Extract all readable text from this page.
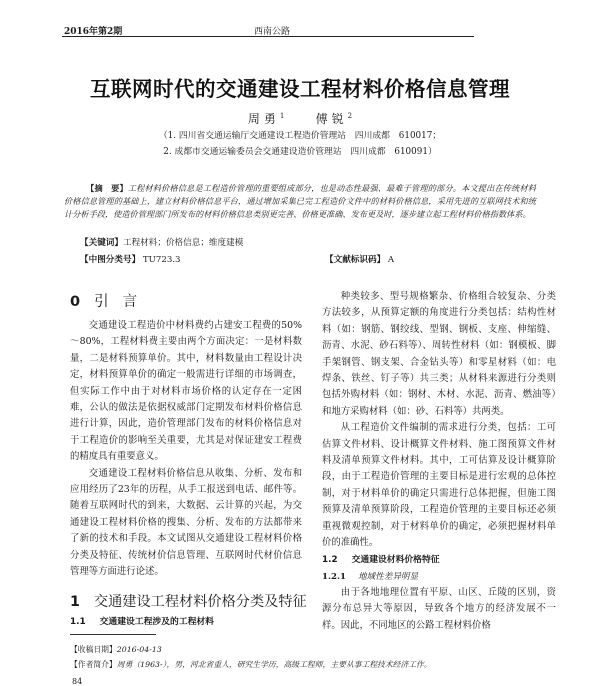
2016年第2期	西南公路
互联网时代的交通建设工程材料价格信息管理
周勇$^1$	傅锐$^2$
（1. 四川省交通运输厅交通建设工程造价管理站　四川成都　610017；
2. 成都市交通运输委员会交通建设造价管理站　四川成都　610091）
【摘　要】工程材料价格信息是工程造价管理的重要组成部分，也是动态性最强、最难于管理的部分。本文提出在传统材料价格信息管理的基础上，建立材料价格信息平台，通过增加采集已完工程造价文件中的材料价格信息，采用先进的互联网技术和统计分析手段，使造价管理部门所发布的材料价格信息类别更完善、价格更准确、发布更及时，逐步建立起工程材料价格指数体系。
【关键词】工程材料；价格信息；维度建模
【中图分类号】 TU723.3	【文献标识码】 A
0 引言

交通建设工程造价中材料费约占建安工程费的50%～80%，工程材料费主要由两个方面决定：一是材料数量，二是材料预算单价。其中，材料数量由工程设计决定，材料预算单价的确定一般需进行详细的市场调查，但实际工作中由于对材料市场价格的认定存在一定困难，公认的做法是依据权威部门定期发布材料价格信息进行计算，因此，造价管理部门发布的材料价格信息对于工程造价的影响至关重要，尤其是对保证建安工程费的精度具有重要意义。

交通建设工程材料价格信息从收集、分析、发布和应用经历了23年的历程，从手工报送到电话、邮件等。随着互联网时代的到来，大数据、云计算的兴起，为交通建设工程材料价格的搜集、分析、发布的方法都带来了新的技术和手段。本文试图从交通建设工程材料价格分类及特征、传统材价信息管理、互联网时代材价信息管理等方面进行论述。

1 交通建设工程材料价格分类及特征
1.1 交通建设工程涉及的工程材料

种类较多、型号规格繁杂、价格组合较复杂、分类方法较多，从预算定额的角度进行分类包括：结构性材料（如：钢筋、钢绞线、型钢、钢板、支座、伸缩缝、沥青、水泥、砂石料等）、周转性材料（如：钢模板、脚手架钢管、钢支架、合金钻头等）和零星材料（如：电焊条、铁丝、钉子等）共三类；从材料来源进行分类则包括外购材料（如：钢材、木材、水泥、沥青、燃油等）和地方采购材料（如：砂、石料等）共两类。

从工程造价文件编制的需求进行分类，包括：工可估算文件材料、设计概算文件材料、施工图预算文件材料及清单预算文件材料。其中，工可估算及设计概算阶段，由于工程造价管理的主要目标是进行宏观的总体控制，对于材料单价的确定只需进行总体把握，但施工图预算及清单预算阶段，工程造价管理的主要目标还必须重视微观控制，对于材料单价的确定，必须把握材料单价的准确性。

1.2 交通建设材料价格特征
1.2.1 地域性差异明显

由于各地地理位置有平原、山区、丘陵的区别，资源分布总异大等原因，导致各个地方的经济发展不一样。因此，不同地区的公路工程材料价格

【收稿日期】2016-04-13
【作者简介】周勇（1963-），男，河北省重人，研究生学历，高级工程师，主要从事工程技术经济工作。
84
